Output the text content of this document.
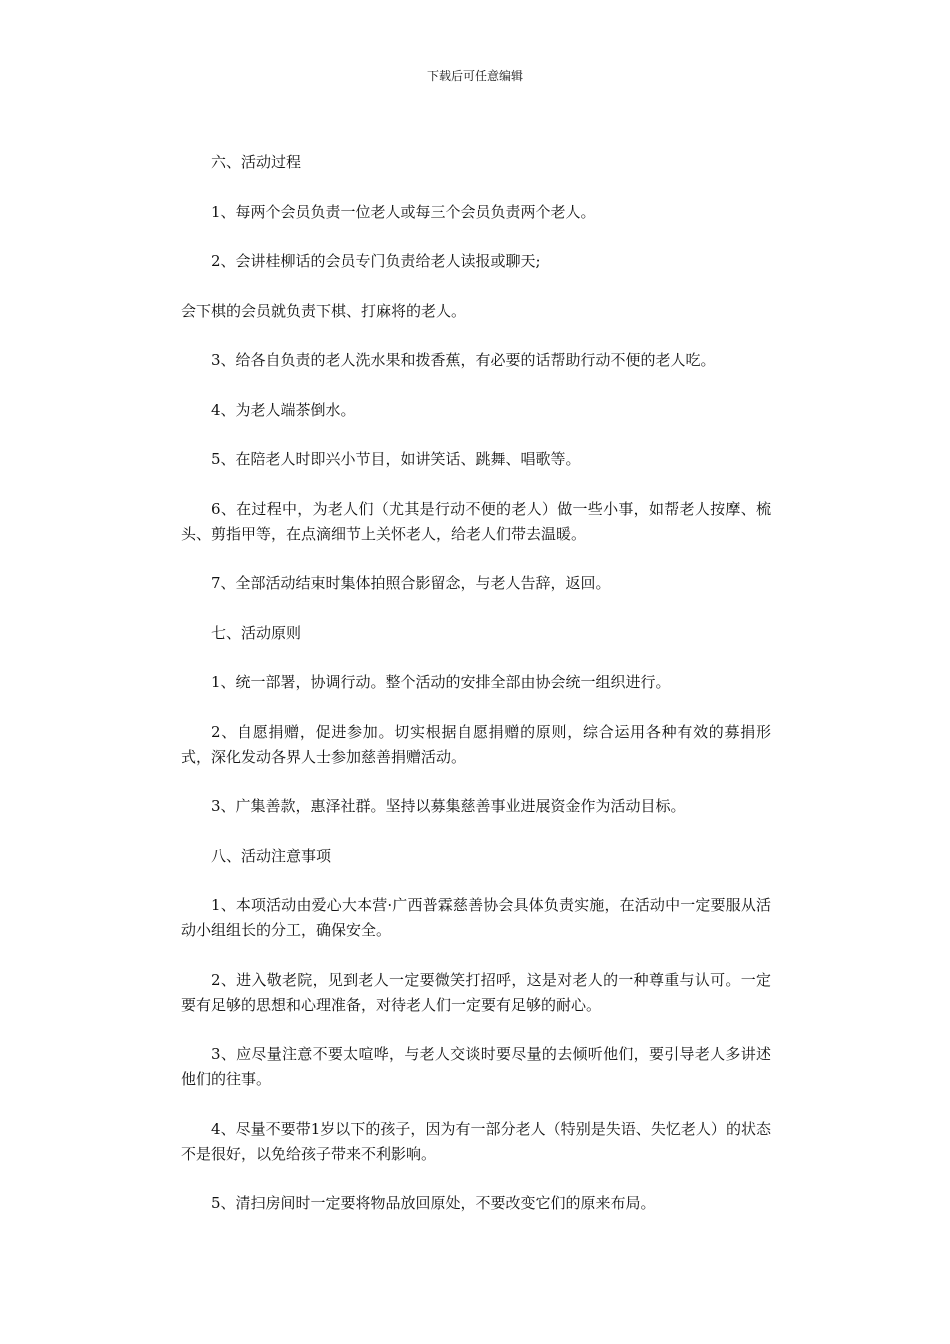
下载后可任意编辑

六、活动过程

1、每两个会员负责一位老人或每三个会员负责两个老人。

2、会讲桂柳话的会员专门负责给老人读报或聊天;

会下棋的会员就负责下棋、打麻将的老人。

3、给各自负责的老人洗水果和拨香蕉，有必要的话帮助行动不便的老人吃。

4、为老人端茶倒水。

5、在陪老人时即兴小节目，如讲笑话、跳舞、唱歌等。

6、在过程中，为老人们（尤其是行动不便的老人）做一些小事，如帮老人按摩、梳头、剪指甲等，在点滴细节上关怀老人，给老人们带去温暖。

7、全部活动结束时集体拍照合影留念，与老人告辞，返回。

七、活动原则

1、统一部署，协调行动。整个活动的安排全部由协会统一组织进行。

2、自愿捐赠，促进参加。切实根据自愿捐赠的原则，综合运用各种有效的募捐形式，深化发动各界人士参加慈善捐赠活动。

3、广集善款，惠泽社群。坚持以募集慈善事业进展资金作为活动目标。

八、活动注意事项

1、本项活动由爱心大本营·广西普霖慈善协会具体负责实施，在活动中一定要服从活动小组组长的分工，确保安全。

2、进入敬老院，见到老人一定要微笑打招呼，这是对老人的一种尊重与认可。一定要有足够的思想和心理准备，对待老人们一定要有足够的耐心。

3、应尽量注意不要太喧哗，与老人交谈时要尽量的去倾听他们，要引导老人多讲述他们的往事。

4、尽量不要带1岁以下的孩子，因为有一部分老人（特别是失语、失忆老人）的状态不是很好，以免给孩子带来不利影响。

5、清扫房间时一定要将物品放回原处，不要改变它们的原来布局。
